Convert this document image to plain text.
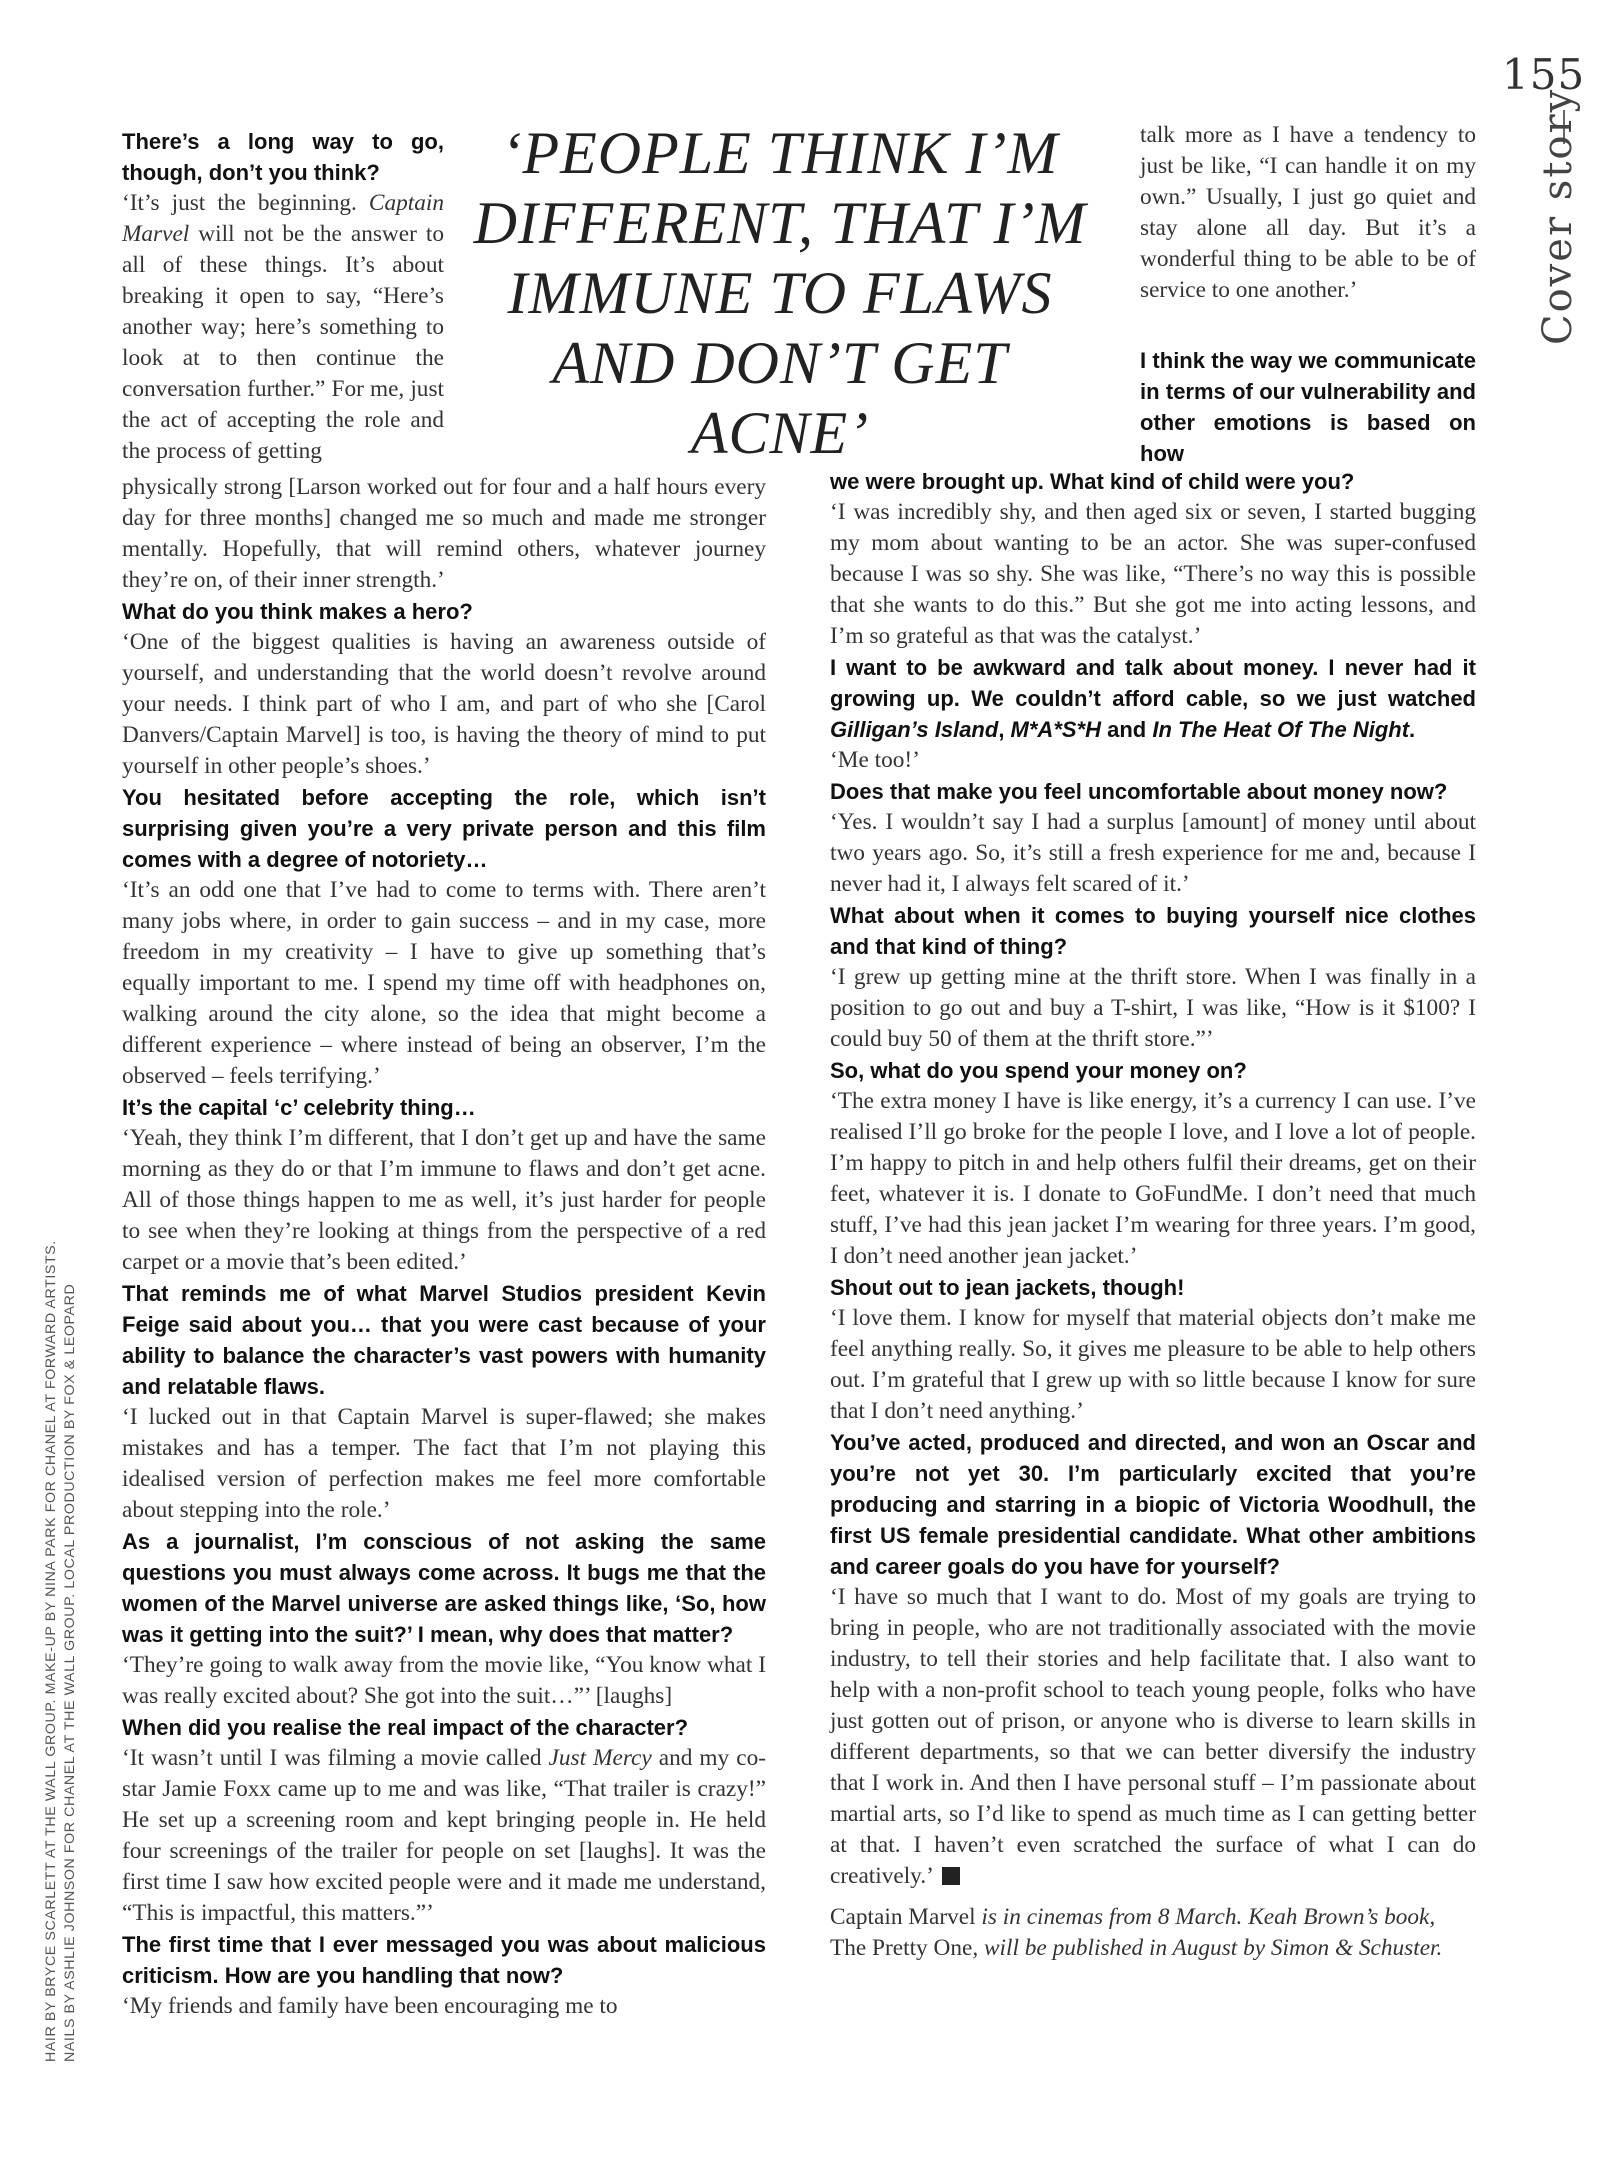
155
Cover story
HAIR BY BRYCE SCARLETT AT THE WALL GROUP. MAKE-UP BY NINA PARK FOR CHANEL AT FORWARD ARTISTS. NAILS BY ASHLIE JOHNSON FOR CHANEL AT THE WALL GROUP. LOCAL PRODUCTION BY FOX & LEOPARD
‘PEOPLE THINK I’M DIFFERENT, THAT I’M IMMUNE TO FLAWS AND DON’T GET ACNE’

There’s a long way to go, though, don’t you think?

‘It’s just the beginning. Captain Marvel will not be the answer to all of these things. It’s about breaking it open to say, “Here’s another way; here’s something to look at to then continue the conversation further.” For me, just the act of accepting the role and the process of getting

physically strong [Larson worked out for four and a half hours every day for three months] changed me so much and made me stronger mentally. Hopefully, that will remind others, whatever journey they’re on, of their inner strength.’

What do you think makes a hero?

‘One of the biggest qualities is having an awareness outside of yourself, and understanding that the world doesn’t revolve around your needs. I think part of who I am, and part of who she [Carol Danvers/Captain Marvel] is too, is having the theory of mind to put yourself in other people’s shoes.’

You hesitated before accepting the role, which isn’t surprising given you’re a very private person and this film comes with a degree of notoriety…

‘It’s an odd one that I’ve had to come to terms with. There aren’t many jobs where, in order to gain success – and in my case, more freedom in my creativity – I have to give up something that’s equally important to me. I spend my time off with headphones on, walking around the city alone, so the idea that might become a different experience – where instead of being an observer, I’m the observed – feels terrifying.’

It’s the capital ‘c’ celebrity thing…

‘Yeah, they think I’m different, that I don’t get up and have the same morning as they do or that I’m immune to flaws and don’t get acne. All of those things happen to me as well, it’s just harder for people to see when they’re looking at things from the perspective of a red carpet or a movie that’s been edited.’

That reminds me of what Marvel Studios president Kevin Feige said about you… that you were cast because of your ability to balance the character’s vast powers with humanity and relatable flaws.

‘I lucked out in that Captain Marvel is super-flawed; she makes mistakes and has a temper. The fact that I’m not playing this idealised version of perfection makes me feel more comfortable about stepping into the role.’

As a journalist, I’m conscious of not asking the same questions you must always come across. It bugs me that the women of the Marvel universe are asked things like, ‘So, how was it getting into the suit?’ I mean, why does that matter?

‘They’re going to walk away from the movie like, “You know what I was really excited about? She got into the suit…”’ [laughs]

When did you realise the real impact of the character?

‘It wasn’t until I was filming a movie called Just Mercy and my co-star Jamie Foxx came up to me and was like, “That trailer is crazy!” He set up a screening room and kept bringing people in. He held four screenings of the trailer for people on set [laughs]. It was the first time I saw how excited people were and it made me understand, “This is impactful, this matters.”’

The first time that I ever messaged you was about malicious criticism. How are you handling that now?

‘My friends and family have been encouraging me to

talk more as I have a tendency to just be like, “I can handle it on my own.” Usually, I just go quiet and stay alone all day. But it’s a wonderful thing to be able to be of service to one another.’

I think the way we communicate in terms of our vulnerability and other emotions is based on how

we were brought up. What kind of child were you?

‘I was incredibly shy, and then aged six or seven, I started bugging my mom about wanting to be an actor. She was super-confused because I was so shy. She was like, “There’s no way this is possible that she wants to do this.” But she got me into acting lessons, and I’m so grateful as that was the catalyst.’

I want to be awkward and talk about money. I never had it growing up. We couldn’t afford cable, so we just watched Gilligan’s Island, M*A*S*H and In The Heat Of The Night.

‘Me too!’

Does that make you feel uncomfortable about money now?

‘Yes. I wouldn’t say I had a surplus [amount] of money until about two years ago. So, it’s still a fresh experience for me and, because I never had it, I always felt scared of it.’

What about when it comes to buying yourself nice clothes and that kind of thing?

‘I grew up getting mine at the thrift store. When I was finally in a position to go out and buy a T-shirt, I was like, “How is it $100? I could buy 50 of them at the thrift store.”’

So, what do you spend your money on?

‘The extra money I have is like energy, it’s a currency I can use. I’ve realised I’ll go broke for the people I love, and I love a lot of people. I’m happy to pitch in and help others fulfil their dreams, get on their feet, whatever it is. I donate to GoFundMe. I don’t need that much stuff, I’ve had this jean jacket I’m wearing for three years. I’m good, I don’t need another jean jacket.’

Shout out to jean jackets, though!

‘I love them. I know for myself that material objects don’t make me feel anything really. So, it gives me pleasure to be able to help others out. I’m grateful that I grew up with so little because I know for sure that I don’t need anything.’

You’ve acted, produced and directed, and won an Oscar and you’re not yet 30. I’m particularly excited that you’re producing and starring in a biopic of Victoria Woodhull, the first US female presidential candidate. What other ambitions and career goals do you have for yourself?

‘I have so much that I want to do. Most of my goals are trying to bring in people, who are not traditionally associated with the movie industry, to tell their stories and help facilitate that. I also want to help with a non-profit school to teach young people, folks who have just gotten out of prison, or anyone who is diverse to learn skills in different departments, so that we can better diversify the industry that I work in. And then I have personal stuff – I’m passionate about martial arts, so I’d like to spend as much time as I can getting better at that. I haven’t even scratched the surface of what I can do creatively.’

Captain Marvel is in cinemas from 8 March. Keah Brown’s book, The Pretty One, will be published in August by Simon & Schuster.
